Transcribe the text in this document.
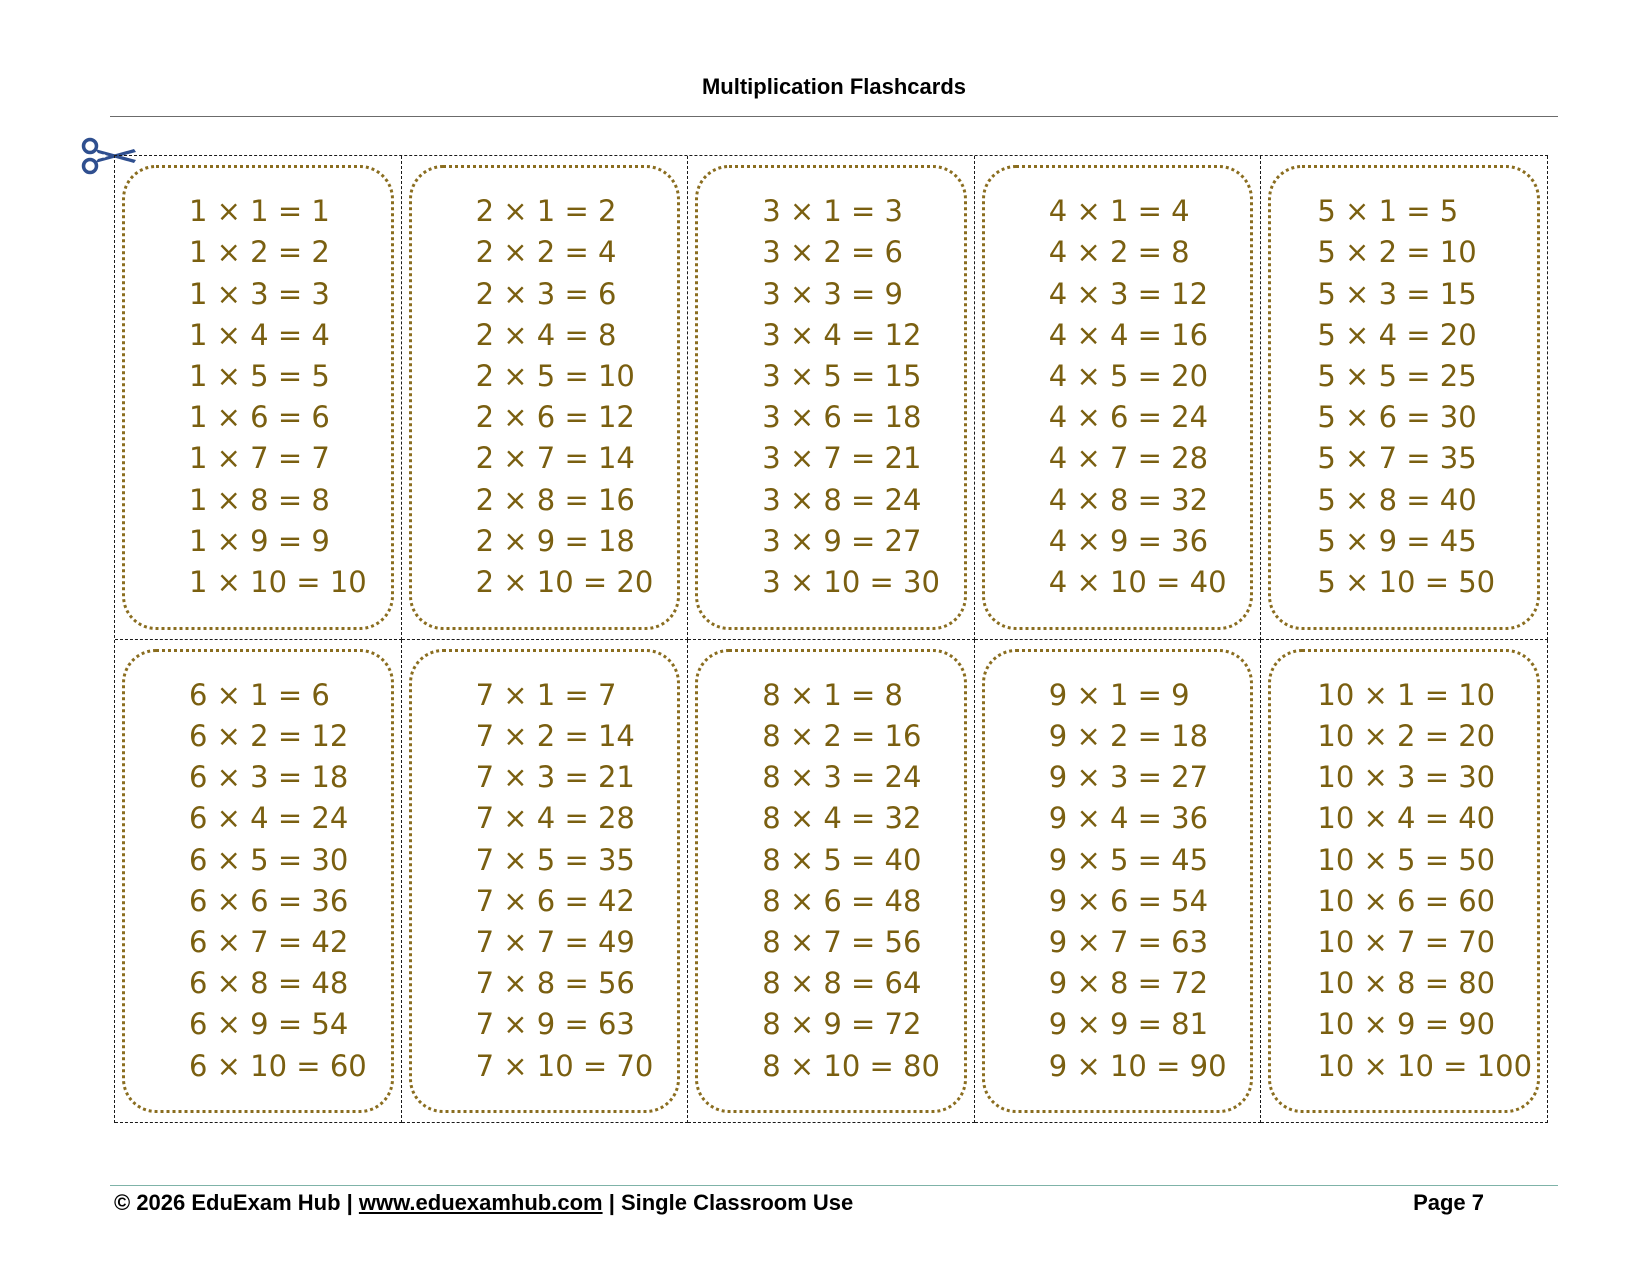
Multiplication Flashcards
1 × 1 = 1
1 × 2 = 2
1 × 3 = 3
1 × 4 = 4
1 × 5 = 5
1 × 6 = 6
1 × 7 = 7
1 × 8 = 8
1 × 9 = 9
1 × 10 = 10
2 × 1 = 2
2 × 2 = 4
2 × 3 = 6
2 × 4 = 8
2 × 5 = 10
2 × 6 = 12
2 × 7 = 14
2 × 8 = 16
2 × 9 = 18
2 × 10 = 20
3 × 1 = 3
3 × 2 = 6
3 × 3 = 9
3 × 4 = 12
3 × 5 = 15
3 × 6 = 18
3 × 7 = 21
3 × 8 = 24
3 × 9 = 27
3 × 10 = 30
4 × 1 = 4
4 × 2 = 8
4 × 3 = 12
4 × 4 = 16
4 × 5 = 20
4 × 6 = 24
4 × 7 = 28
4 × 8 = 32
4 × 9 = 36
4 × 10 = 40
5 × 1 = 5
5 × 2 = 10
5 × 3 = 15
5 × 4 = 20
5 × 5 = 25
5 × 6 = 30
5 × 7 = 35
5 × 8 = 40
5 × 9 = 45
5 × 10 = 50
6 × 1 = 6
6 × 2 = 12
6 × 3 = 18
6 × 4 = 24
6 × 5 = 30
6 × 6 = 36
6 × 7 = 42
6 × 8 = 48
6 × 9 = 54
6 × 10 = 60
7 × 1 = 7
7 × 2 = 14
7 × 3 = 21
7 × 4 = 28
7 × 5 = 35
7 × 6 = 42
7 × 7 = 49
7 × 8 = 56
7 × 9 = 63
7 × 10 = 70
8 × 1 = 8
8 × 2 = 16
8 × 3 = 24
8 × 4 = 32
8 × 5 = 40
8 × 6 = 48
8 × 7 = 56
8 × 8 = 64
8 × 9 = 72
8 × 10 = 80
9 × 1 = 9
9 × 2 = 18
9 × 3 = 27
9 × 4 = 36
9 × 5 = 45
9 × 6 = 54
9 × 7 = 63
9 × 8 = 72
9 × 9 = 81
9 × 10 = 90
10 × 1 = 10
10 × 2 = 20
10 × 3 = 30
10 × 4 = 40
10 × 5 = 50
10 × 6 = 60
10 × 7 = 70
10 × 8 = 80
10 × 9 = 90
10 × 10 = 100
© 2026 EduExam Hub | www.eduexamhub.com | Single Classroom Use	Page 7
